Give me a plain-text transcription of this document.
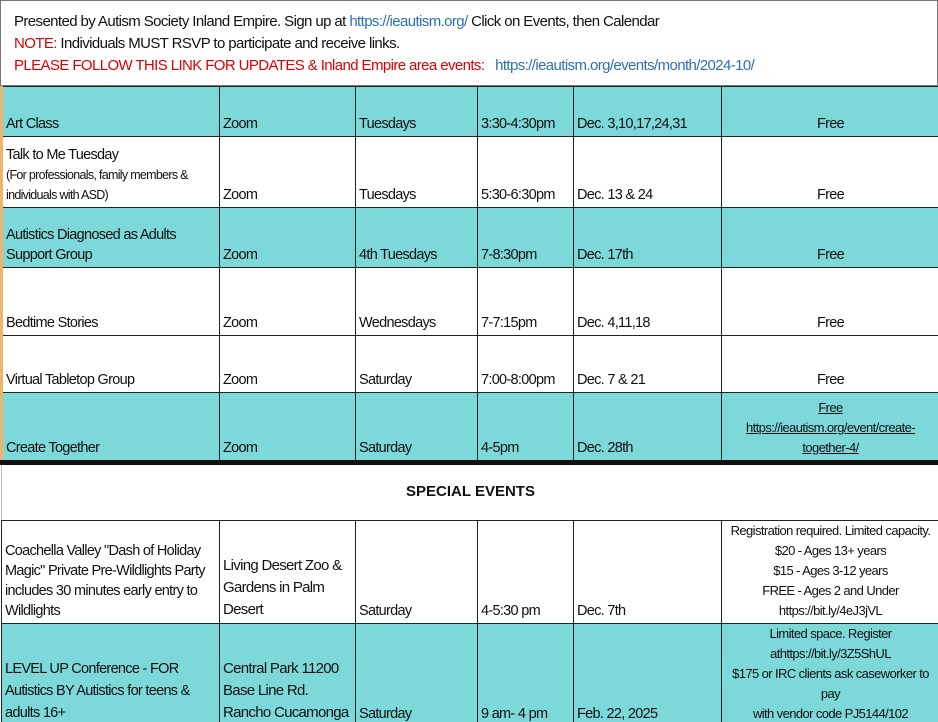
Presented by Autism Society Inland Empire. Sign up at https://ieautism.org/ Click on Events, then Calendar
NOTE: Individuals MUST RSVP to participate and receive links.
PLEASE FOLLOW THIS LINK FOR UPDATES & Inland Empire area events: https://ieautism.org/events/month/2024-10/
Art Class	Zoom	Tuesdays	3:30-4:30pm	Dec. 3,10,17,24,31	Free

Talk to Me Tuesday
(For professionals, family members & individuals with ASD)	Zoom	Tuesdays	5:30-6:30pm	Dec. 13 & 24	Free
Autistics Diagnosed as Adults Support Group	Zoom	4th Tuesdays	7-8:30pm	Dec. 17th	Free
Bedtime Stories	Zoom	Wednesdays	7-7:15pm	Dec. 4,11,18	Free
Virtual Tabletop Group	Zoom	Saturday	7:00-8:00pm	Dec. 7 & 21	Free
Create Together	Zoom	Saturday	4-5pm	Dec. 28th	Free
https://ieautism.org/event/create-together-4/

SPECIAL EVENTS					
Coachella Valley "Dash of Holiday Magic" Private Pre-Wildlights Party includes 30 minutes early entry to Wildlights	Living Desert Zoo & Gardens in Palm Desert	Saturday	4-5:30 pm	Dec. 7th	Registration required. Limited capacity.
$20 - Ages 13+ years
$15 - Ages 3-12 years
FREE - Ages 2 and Under
https://bit.ly/4eJ3jVL

LEVEL UP Conference - FOR Autistics BY Autistics for teens & adults 16+	Central Park 11200 Base Line Rd. Rancho Cucamonga	Saturday	9 am- 4 pm	Feb. 22, 2025	Limited space. Register
athttps://bit.ly/3Z5ShUL
$175 or IRC clients ask caseworker to pay
with vendor code PJ5144/102
